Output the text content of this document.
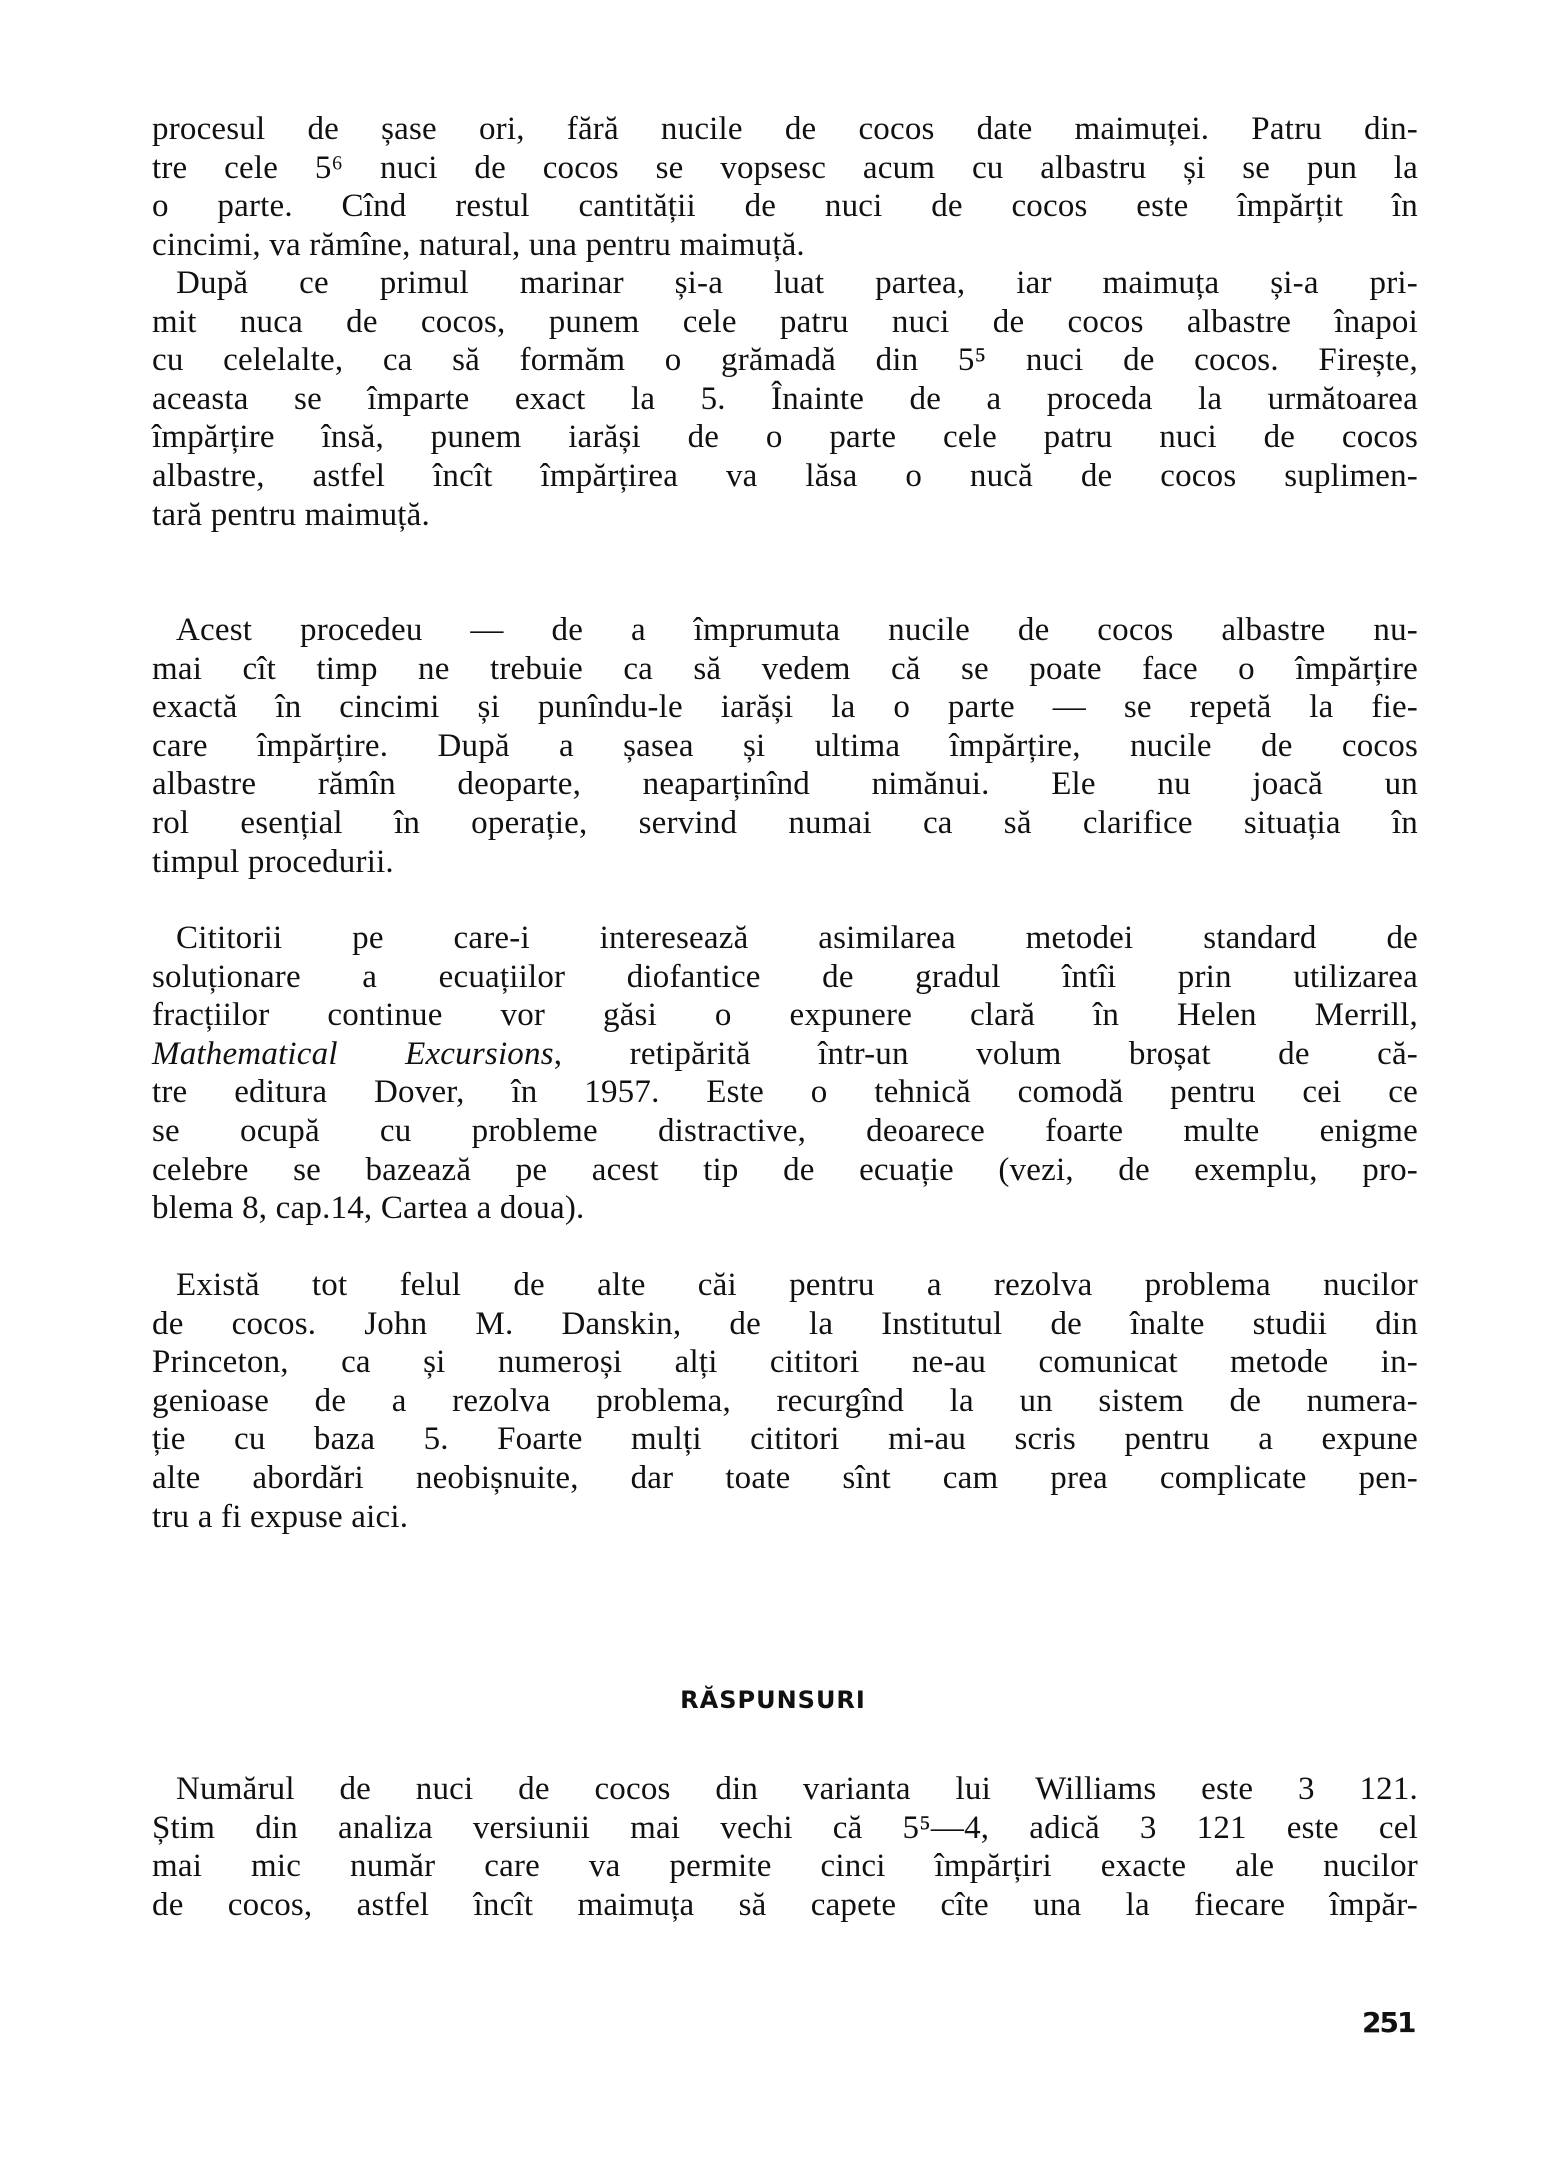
procesul de șase ori, fără nucile de cocos date maimuței. Patru din-
tre cele 5⁶ nuci de cocos se vopsesc acum cu albastru și se pun la
o parte. Cînd restul cantității de nuci de cocos este împărțit în
cincimi, va rămîne, natural, una pentru maimuță.
După ce primul marinar și-a luat partea, iar maimuța și-a pri-
mit nuca de cocos, punem cele patru nuci de cocos albastre înapoi
cu celelalte, ca să formăm o grămadă din 5⁵ nuci de cocos. Firește,
aceasta se împarte exact la 5. Înainte de a proceda la următoarea
împărțire însă, punem iarăși de o parte cele patru nuci de cocos
albastre, astfel încît împărțirea va lăsa o nucă de cocos suplimen-
tară pentru maimuță.
Acest procedeu — de a împrumuta nucile de cocos albastre nu-
mai cît timp ne trebuie ca să vedem că se poate face o împărțire
exactă în cincimi și punîndu-le iarăși la o parte — se repetă la fie-
care împărțire. După a șasea și ultima împărțire, nucile de cocos
albastre rămîn deoparte, neaparținînd nimănui. Ele nu joacă un
rol esențial în operație, servind numai ca să clarifice situația în
timpul procedurii.
Cititorii pe care-i interesează asimilarea metodei standard de
soluționare a ecuațiilor diofantice de gradul întîi prin utilizarea
fracțiilor continue vor găsi o expunere clară în Helen Merrill,
Mathematical Excursions, retipărită într-un volum broșat de că-
tre editura Dover, în 1957. Este o tehnică comodă pentru cei ce
se ocupă cu probleme distractive, deoarece foarte multe enigme
celebre se bazează pe acest tip de ecuație (vezi, de exemplu, pro-
blema 8, cap.14, Cartea a doua).
Există tot felul de alte căi pentru a rezolva problema nucilor
de cocos. John M. Danskin, de la Institutul de înalte studii din
Princeton, ca și numeroși alți cititori ne-au comunicat metode in-
genioase de a rezolva problema, recurgînd la un sistem de numera-
ție cu baza 5. Foarte mulți cititori mi-au scris pentru a expune
alte abordări neobișnuite, dar toate sînt cam prea complicate pen-
tru a fi expuse aici.
RĂSPUNSURI
Numărul de nuci de cocos din varianta lui Williams este 3 121.
Știm din analiza versiunii mai vechi că 5⁵—4, adică 3 121 este cel
mai mic număr care va permite cinci împărțiri exacte ale nucilor
de cocos, astfel încît maimuța să capete cîte una la fiecare împăr-
251
